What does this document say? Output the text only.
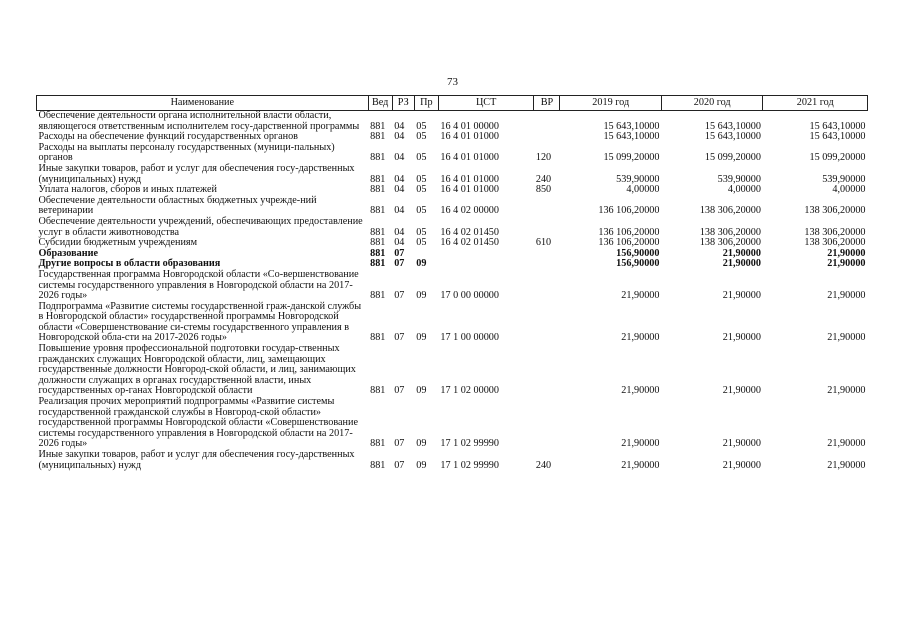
73
Наименование	Вед	РЗ	Пр	ЦСТ	ВР	2019 год	2020 год	2021 год
Обеспечение деятельности органа исполнительной власти области, являющегося ответственным исполнителем госу-дарственной программы	881	04	05	16 4 01 00000		15 643,10000	15 643,10000	15 643,10000
Расходы на обеспечение функций государственных органов	881	04	05	16 4 01 01000		15 643,10000	15 643,10000	15 643,10000
Расходы на выплаты персоналу государственных (муници-пальных) органов	881	04	05	16 4 01 01000	120	15 099,20000	15 099,20000	15 099,20000
Иные закупки товаров, работ и услуг для обеспечения госу-дарственных (муниципальных) нужд	881	04	05	16 4 01 01000	240	539,90000	539,90000	539,90000
Уплата налогов, сборов и иных платежей	881	04	05	16 4 01 01000	850	4,00000	4,00000	4,00000
Обеспечение деятельности областных бюджетных учрежде-ний ветеринарии	881	04	05	16 4 02 00000		136 106,20000	138 306,20000	138 306,20000
Обеспечение деятельности учреждений, обеспечивающих предоставление услуг в области животноводства	881	04	05	16 4 02 01450		136 106,20000	138 306,20000	138 306,20000
Субсидии бюджетным учреждениям	881	04	05	16 4 02 01450	610	136 106,20000	138 306,20000	138 306,20000
Образование	881	07				156,90000	21,90000	21,90000
Другие вопросы в области образования	881	07	09			156,90000	21,90000	21,90000
Государственная программа Новгородской области «Со-вершенствование системы государственного управления в Новгородской области на 2017-2026 годы»	881	07	09	17 0 00 00000		21,90000	21,90000	21,90000
Подпрограмма «Развитие системы государственной граж-данской службы в Новгородской области» государственной программы Новгородской области «Совершенствование си-стемы государственного управления в Новгородской обла-сти на 2017-2026 годы»	881	07	09	17 1 00 00000		21,90000	21,90000	21,90000
Повышение уровня профессиональной подготовки государ-ственных гражданских служащих Новгородской области, лиц, замещающих государственные должности Новгород-ской области, и лиц, занимающих должности служащих в органах государственной власти, иных государственных ор-ганах Новгородской области	881	07	09	17 1 02 00000		21,90000	21,90000	21,90000
Реализация прочих мероприятий подпрограммы «Развитие системы государственной гражданской службы в Новгород-ской области» государственной программы Новгородской области «Совершенствование системы государственного управления в Новгородской области на 2017-2026 годы»	881	07	09	17 1 02 99990		21,90000	21,90000	21,90000
Иные закупки товаров, работ и услуг для обеспечения госу-дарственных (муниципальных) нужд	881	07	09	17 1 02 99990	240	21,90000	21,90000	21,90000
